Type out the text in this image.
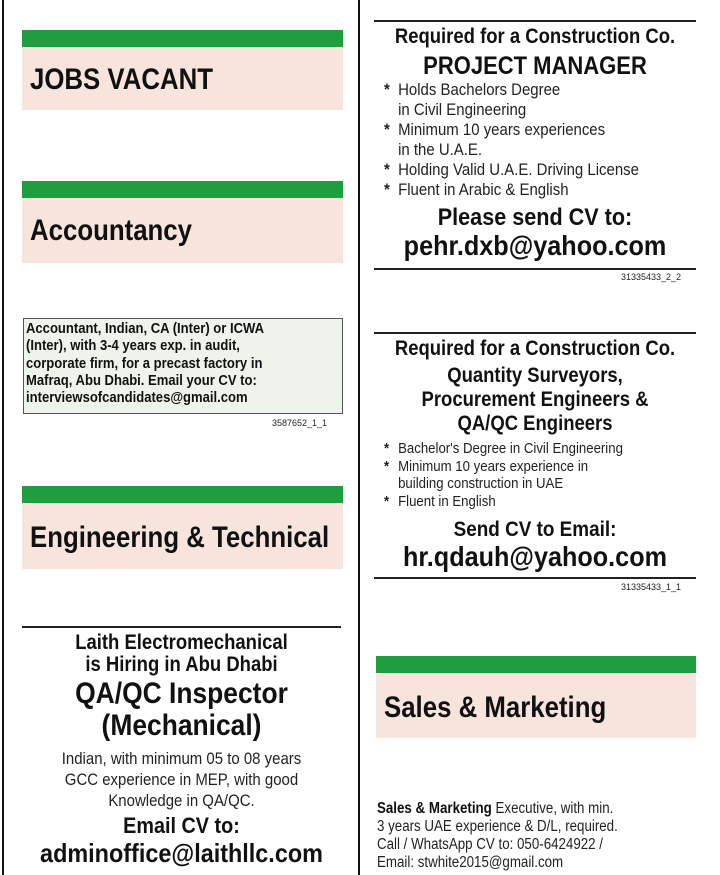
JOBS VACANT
Accountancy
Accountant, Indian, CA (Inter) or ICWA
(Inter), with 3-4 years exp. in audit,
corporate firm, for a precast factory in
Mafraq, Abu Dhabi. Email your CV to:
interviewsofcandidates@gmail.com
3587652_1_1
Engineering & Technical
Laith Electromechanical
is Hiring in Abu Dhabi
QA/QC Inspector
(Mechanical)
Indian, with minimum 05 to 08 years
GCC experience in MEP, with good
Knowledge in QA/QC.
Email CV to:
adminoffice@laithllc.com
Required for a Construction Co.
PROJECT MANAGER
* Holds Bachelors Degree
in Civil Engineering
* Minimum 10 years experiences
in the U.A.E.
* Holding Valid U.A.E. Driving License
* Fluent in Arabic & English
Please send CV to:
pehr.dxb@yahoo.com
31335433_2_2
Required for a Construction Co.
Quantity Surveyors,
Procurement Engineers &
QA/QC Engineers
* Bachelor's Degree in Civil Engineering
* Minimum 10 years experience in
building construction in UAE
* Fluent in English
Send CV to Email:
hr.qdauh@yahoo.com
31335433_1_1
Sales & Marketing
Sales & Marketing Executive, with min.
3 years UAE experience & D/L, required.
Call / WhatsApp CV to: 050-6424922 /
Email: stwhite2015@gmail.com
